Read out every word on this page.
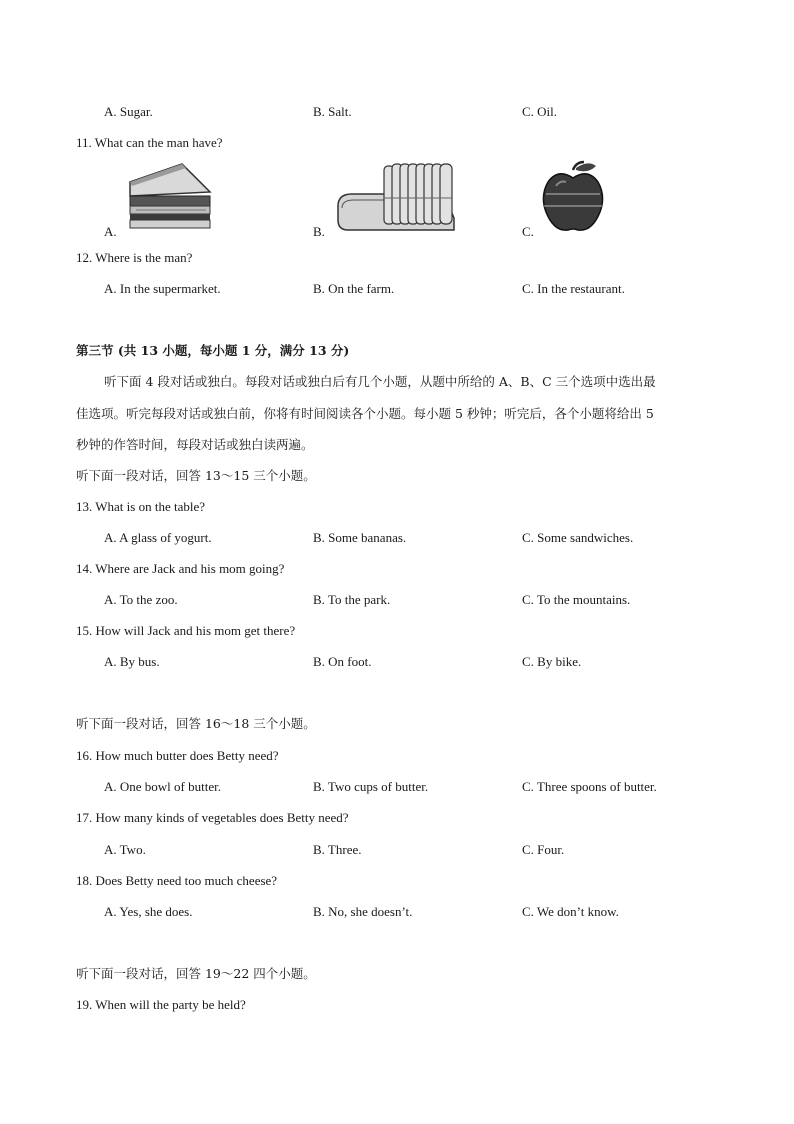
A. Sugar.	B. Salt.	C. Oil.
11. What can the man have?
A.	B.	C.
12. Where is the man?
A. In the supermarket.	B. On the farm.	C. In the restaurant.
第三节 (共 13 小题，每小题 1 分，满分 13 分)
听下面 4 段对话或独白。每段对话或独白后有几个小题，从题中所给的 A、B、C 三个选项中选出最
佳选项。听完每段对话或独白前，你将有时间阅读各个小题。每小题 5 秒钟；听完后，各个小题将给出 5
秒钟的作答时间，每段对话或独白读两遍。
听下面一段对话，回答 13～15 三个小题。
13. What is on the table?
A. A glass of yogurt.	B. Some bananas.	C. Some sandwiches.
14. Where are Jack and his mom going?
A. To the zoo.	B. To the park.	C. To the mountains.
15. How will Jack and his mom get there?
A. By bus.	B. On foot.	C. By bike.
听下面一段对话，回答 16～18 三个小题。
16. How much butter does Betty need?
A. One bowl of butter.	B. Two cups of butter.	C. Three spoons of butter.
17. How many kinds of vegetables does Betty need?
A. Two.	B. Three.	C. Four.
18. Does Betty need too much cheese?
A. Yes, she does.	B. No, she doesn’t.	C. We don’t know.
听下面一段对话，回答 19～22 四个小题。
19. When will the party be held?
